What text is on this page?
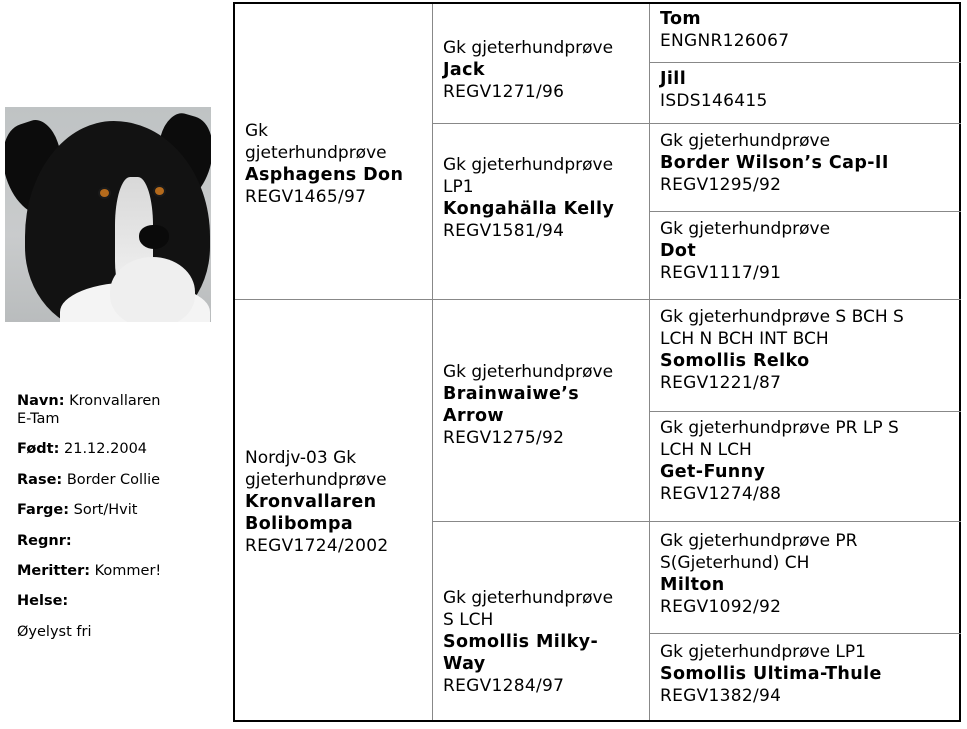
Navn: Kronvallaren
E-Tam
Født: 21.12.2004
Rase: Border Collie
Farge: Sort/Hvit
Regnr:
Meritter: Kommer!
Helse:
Øyelyst fri
Gk
gjeterhundprøve
Asphagens Don
REGV1465/97
Nordjv-03 Gk
gjeterhundprøve
Kronvallaren
Bolibompa
REGV1724/2002
Gk gjeterhundprøve
Jack
REGV1271/96
Gk gjeterhundprøve
LP1
Kongahälla Kelly
REGV1581/94
Gk gjeterhundprøve
Brainwaiwe’s
Arrow
REGV1275/92
Gk gjeterhundprøve
S LCH
Somollis Milky-
Way
REGV1284/97
Tom
ENGNR126067
Jill
ISDS146415
Gk gjeterhundprøve
Border Wilson’s Cap-II
REGV1295/92
Gk gjeterhundprøve
Dot
REGV1117/91
Gk gjeterhundprøve S BCH S
LCH N BCH INT BCH
Somollis Relko
REGV1221/87
Gk gjeterhundprøve PR LP S
LCH N LCH
Get-Funny
REGV1274/88
Gk gjeterhundprøve PR
S(Gjeterhund) CH
Milton
REGV1092/92
Gk gjeterhundprøve LP1
Somollis Ultima-Thule
REGV1382/94
